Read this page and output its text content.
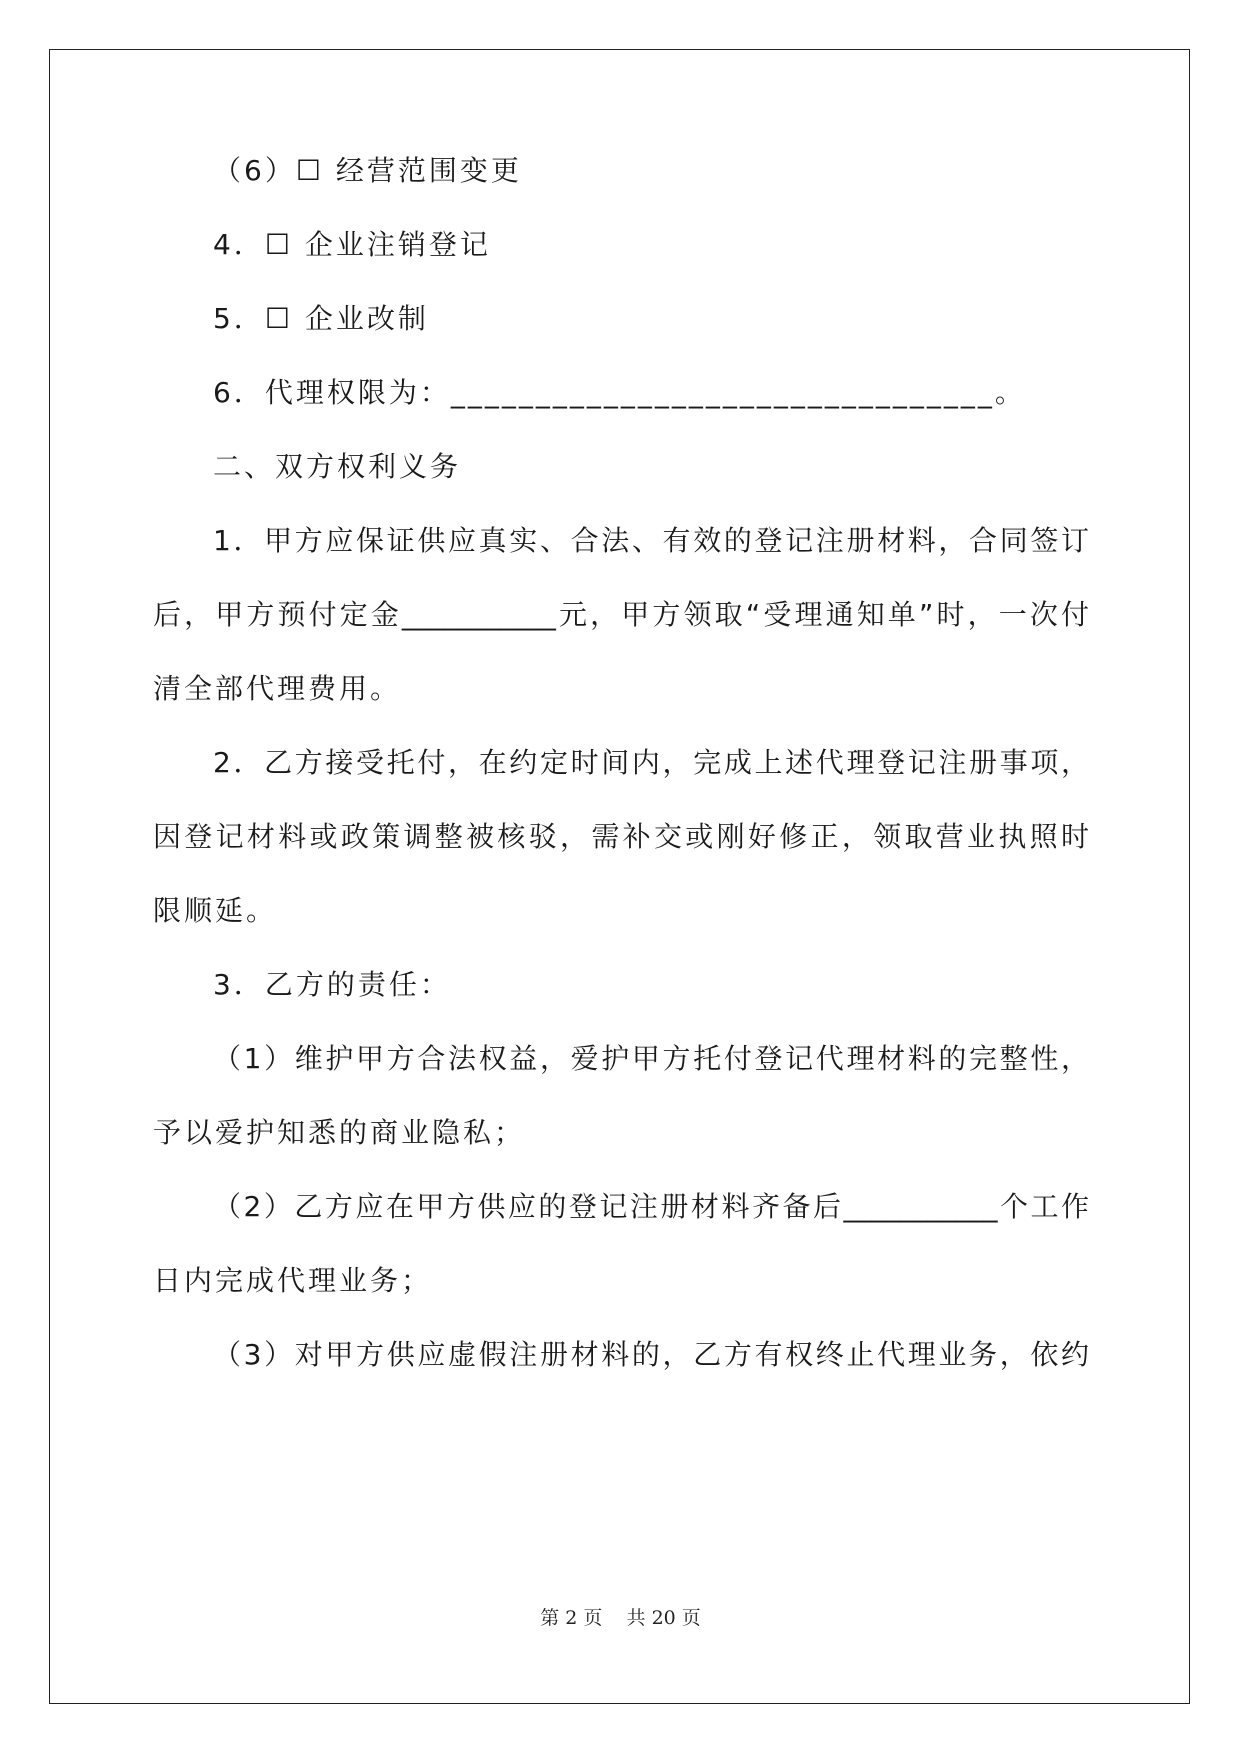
（6）☐ 经营范围变更
4．☐ 企业注销登记
5．☐ 企业改制
6．代理权限为：________________________________。
二、双方权利义务
1．甲方应保证供应真实、合法、有效的登记注册材料，合同签订
后，甲方预付定金___________元，甲方领取“受理通知单”时，一次付
清全部代理费用。
2．乙方接受托付，在约定时间内，完成上述代理登记注册事项，
因登记材料或政策调整被核驳，需补交或刚好修正，领取营业执照时
限顺延。
3．乙方的责任：
（1）维护甲方合法权益，爱护甲方托付登记代理材料的完整性，
予以爱护知悉的商业隐私；
（2）乙方应在甲方供应的登记注册材料齐备后___________个工作
日内完成代理业务；
（3）对甲方供应虚假注册材料的，乙方有权终止代理业务，依约
第 2 页    共 20 页
